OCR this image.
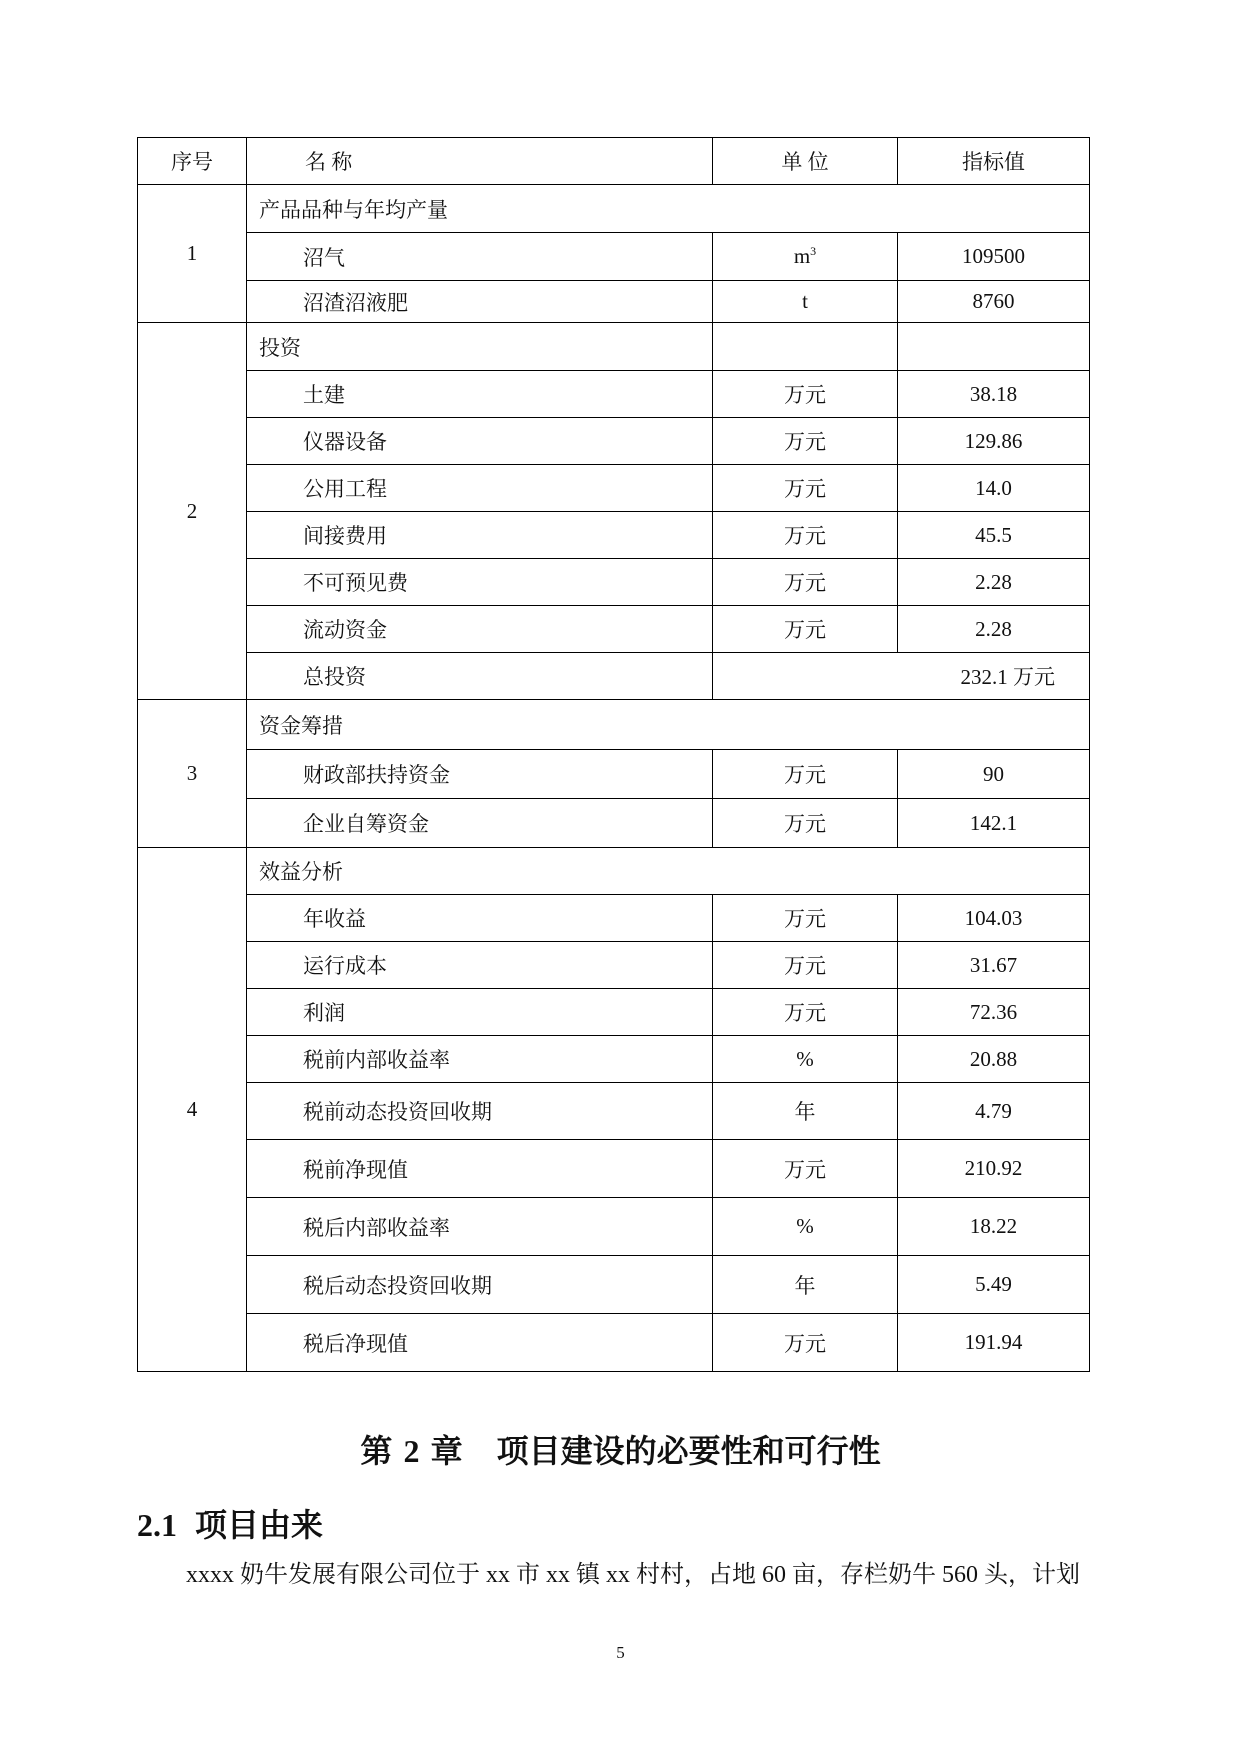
序号	名 称	单 位	指标值
1	产品品种与年均产量		
	沼气	$m^3$	109500
	沼渣沼液肥	t	8760
2	投资		
	土建	万元	38.18
	仪器设备	万元	129.86
	公用工程	万元	14.0
	间接费用	万元	45.5
	不可预见费	万元	2.28
	流动资金	万元	2.28
	总投资	232.1 万元	
3	资金筹措		
	财政部扶持资金	万元	90
	企业自筹资金	万元	142.1
4	效益分析		
	年收益	万元	104.03
	运行成本	万元	31.67
	利润	万元	72.36
	税前内部收益率	%	20.88
	税前动态投资回收期	年	4.79
	税前净现值	万元	210.92
	税后内部收益率	%	18.22
	税后动态投资回收期	年	5.49
	税后净现值	万元	191.94
第 2 章 项目建设的必要性和可行性
2.1 项目由来
xxxx 奶牛发展有限公司位于 xx 市 xx 镇 xx 村村，占地 60 亩，存栏奶牛 560 头，计划
5
